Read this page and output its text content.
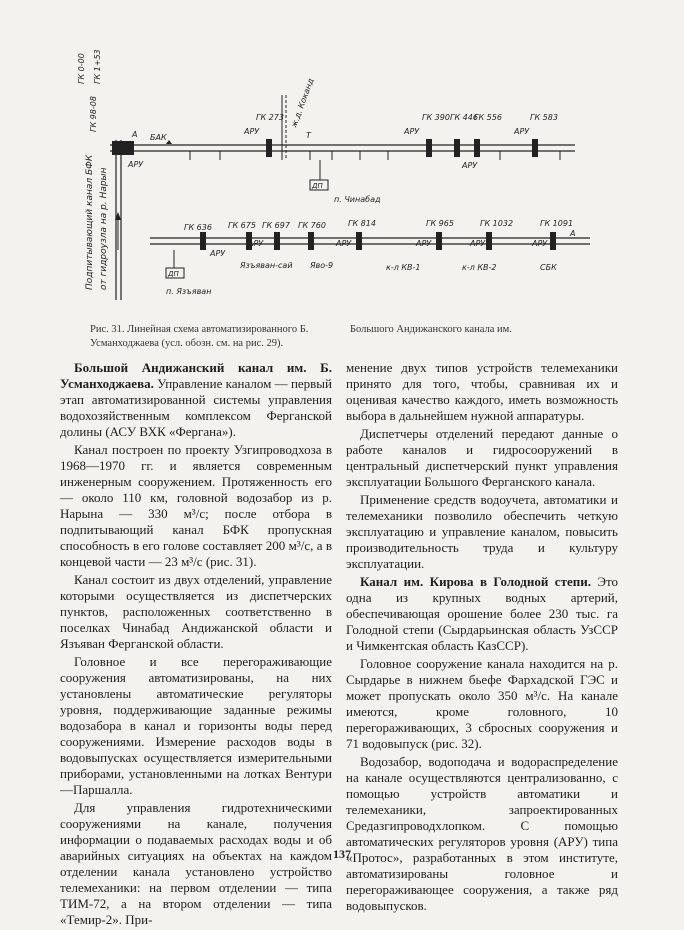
Подпитывающий канал БФК от гидроузла на р. Нарын
ГК 98-08
ГК 0-00 ГК 1+53
А
АРУ
БАК
ж.д. Коканд
ГК 273
АРУ
ГК 390
АРУ
ГК 446
ГК 556	ГК 583
АРУ
АРУ
Т
ДП
п. Чинабад
ГК 636 ГК 675 ГК 697 ГК 760	ГК 814	ГК 965	ГК 1032	ГК 1091
АРУ
АРУ	АРУ	АРУ	АРУ	АРУ
А
Язъяван-сай Яво-9	к-л КВ-1	к-л КВ-2	СБК
ДП
п. Язъяван
Рис. 31. Линейная схема автоматизированного Б. Усманходжаева (усл. обозн. см. на рис. 29).
Большого Андижанского канала им.

Большой Андижанский канал им. Б. Усманходжаева. Управление каналом — первый этап автоматизированной системы управления водохозяйственным комплексом Ферганской долины (АСУ ВХК «Фергана»).

Канал построен по проекту Узгипроводхоза в 1968—1970 гг. и является современным инженерным сооружением. Протяженность его — около 110 км, головной водозабор из р. Нарына — 330 м³/с; после отбора в подпитывающий канал БФК пропускная способность в его голове составляет 200 м³/с, а в концевой части — 23 м³/с (рис. 31).

Канал состоит из двух отделений, управление которыми осуществляется из диспетчерских пунктов, расположенных соответственно в поселках Чинабад Андижанской области и Язъяван Ферганской области.

Головное и все перегораживающие сооружения автоматизированы, на них установлены автоматические регуляторы уровня, поддерживающие заданные режимы водозабора в канал и горизонты воды перед сооружениями. Измерение расходов воды в водовыпусках осуществляется измерительными приборами, установленными на лотках Вентури—Паршалла.

Для управления гидротехническими сооружениями на канале, получения информации о подаваемых расходах воды и об аварийных ситуациях на объектах на каждом отделении канала установлено устройство телемеханики: на первом отделении — типа ТИМ-72, а на втором отделении — типа «Темир-2». При-

менение двух типов устройств телемеханики принято для того, чтобы, сравнивая их и оценивая качество каждого, иметь возможность выбора в дальнейшем нужной аппаратуры.

Диспетчеры отделений передают данные о работе каналов и гидросооружений в центральный диспетчерский пункт управления эксплуатации Большого Ферганского канала.

Применение средств водоучета, автоматики и телемеханики позволило обеспечить четкую эксплуатацию и управление каналом, повысить производительность труда и культуру эксплуатации.

Канал им. Кирова в Голодной степи. Это одна из крупных водных артерий, обеспечивающая орошение более 230 тыс. га Голодной степи (Сырдарьинская область УзССР и Чимкентская область КазССР).

Головное сооружение канала находится на р. Сырдарье в нижнем бьефе Фархадской ГЭС и может пропускать около 350 м³/с. На канале имеются, кроме головного, 10 перегораживающих, 3 сбросных сооружения и 71 водовыпуск (рис. 32).

Водозабор, водоподача и водораспределение на канале осуществляются централизованно, с помощью устройств автоматики и телемеханики, запроектированных Средазгипроводхлопком. С помощью автоматических регуляторов уровня (АРУ) типа «Протос», разработанных в этом институте, автоматизированы головное и перегораживающее сооружения, а также ряд водовыпусков.

137
